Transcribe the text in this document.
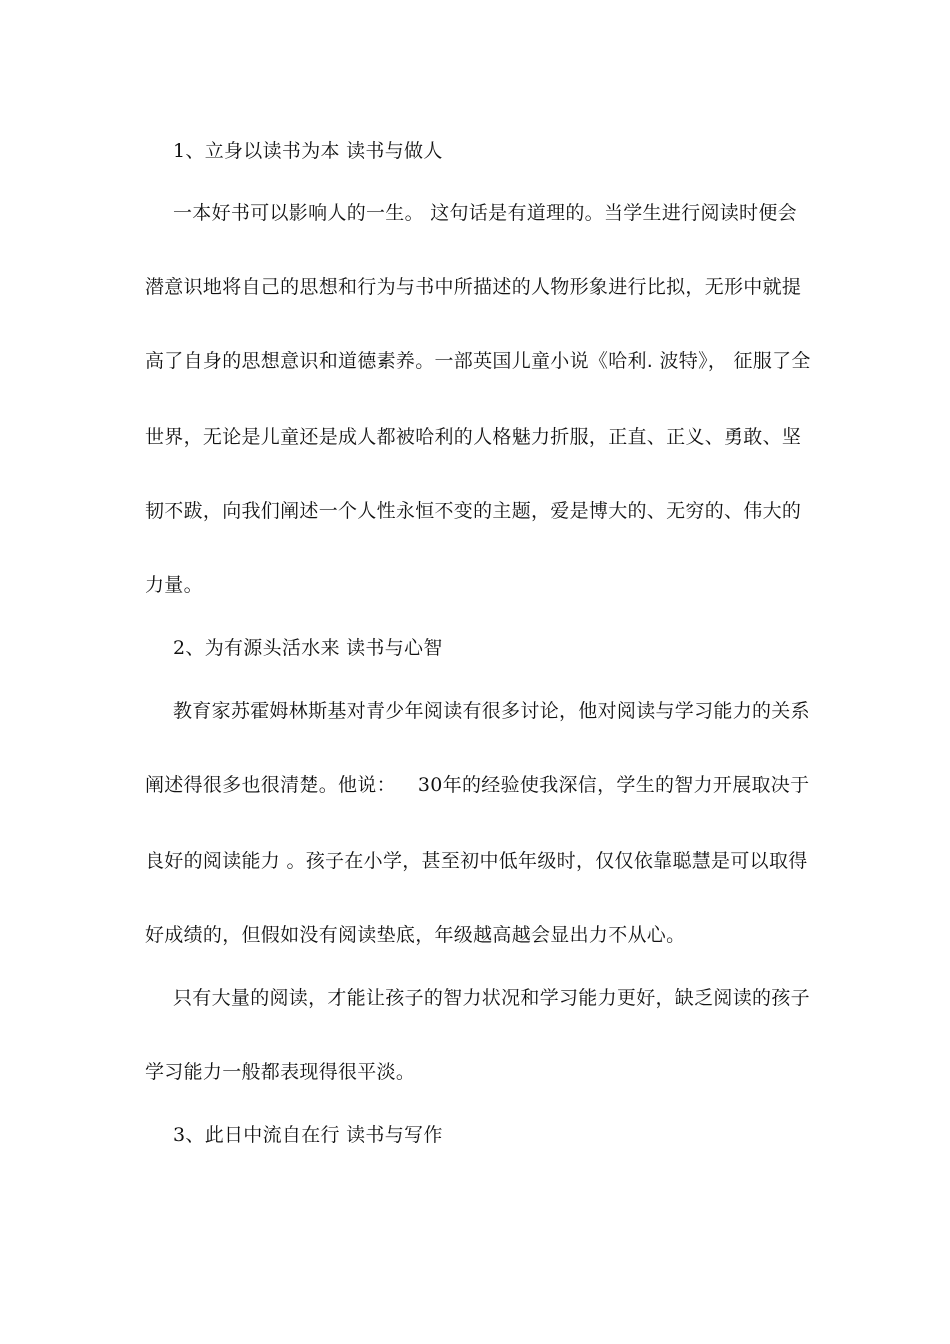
1、立身以读书为本 读书与做人
一本好书可以影响人的一生。 这句话是有道理的。当学生进行阅读时便会
潜意识地将自己的思想和行为与书中所描述的人物形象进行比拟，无形中就提
高了自身的思想意识和道德素养。一部英国儿童小说《哈利. 波特》， 征服了全
世界，无论是儿童还是成人都被哈利的人格魅力折服，正直、正义、勇敢、坚
韧不跋，向我们阐述一个人性永恒不变的主题，爱是博大的、无穷的、伟大的
力量。
2、为有源头活水来 读书与心智
教育家苏霍姆林斯基对青少年阅读有很多讨论，他对阅读与学习能力的关系
阐述得很多也很清楚。他说： 30年的经验使我深信，学生的智力开展取决于
良好的阅读能力 。孩子在小学，甚至初中低年级时，仅仅依靠聪慧是可以取得
好成绩的，但假如没有阅读垫底，年级越高越会显出力不从心。
只有大量的阅读，才能让孩子的智力状况和学习能力更好，缺乏阅读的孩子
学习能力一般都表现得很平淡。
3、此日中流自在行 读书与写作
